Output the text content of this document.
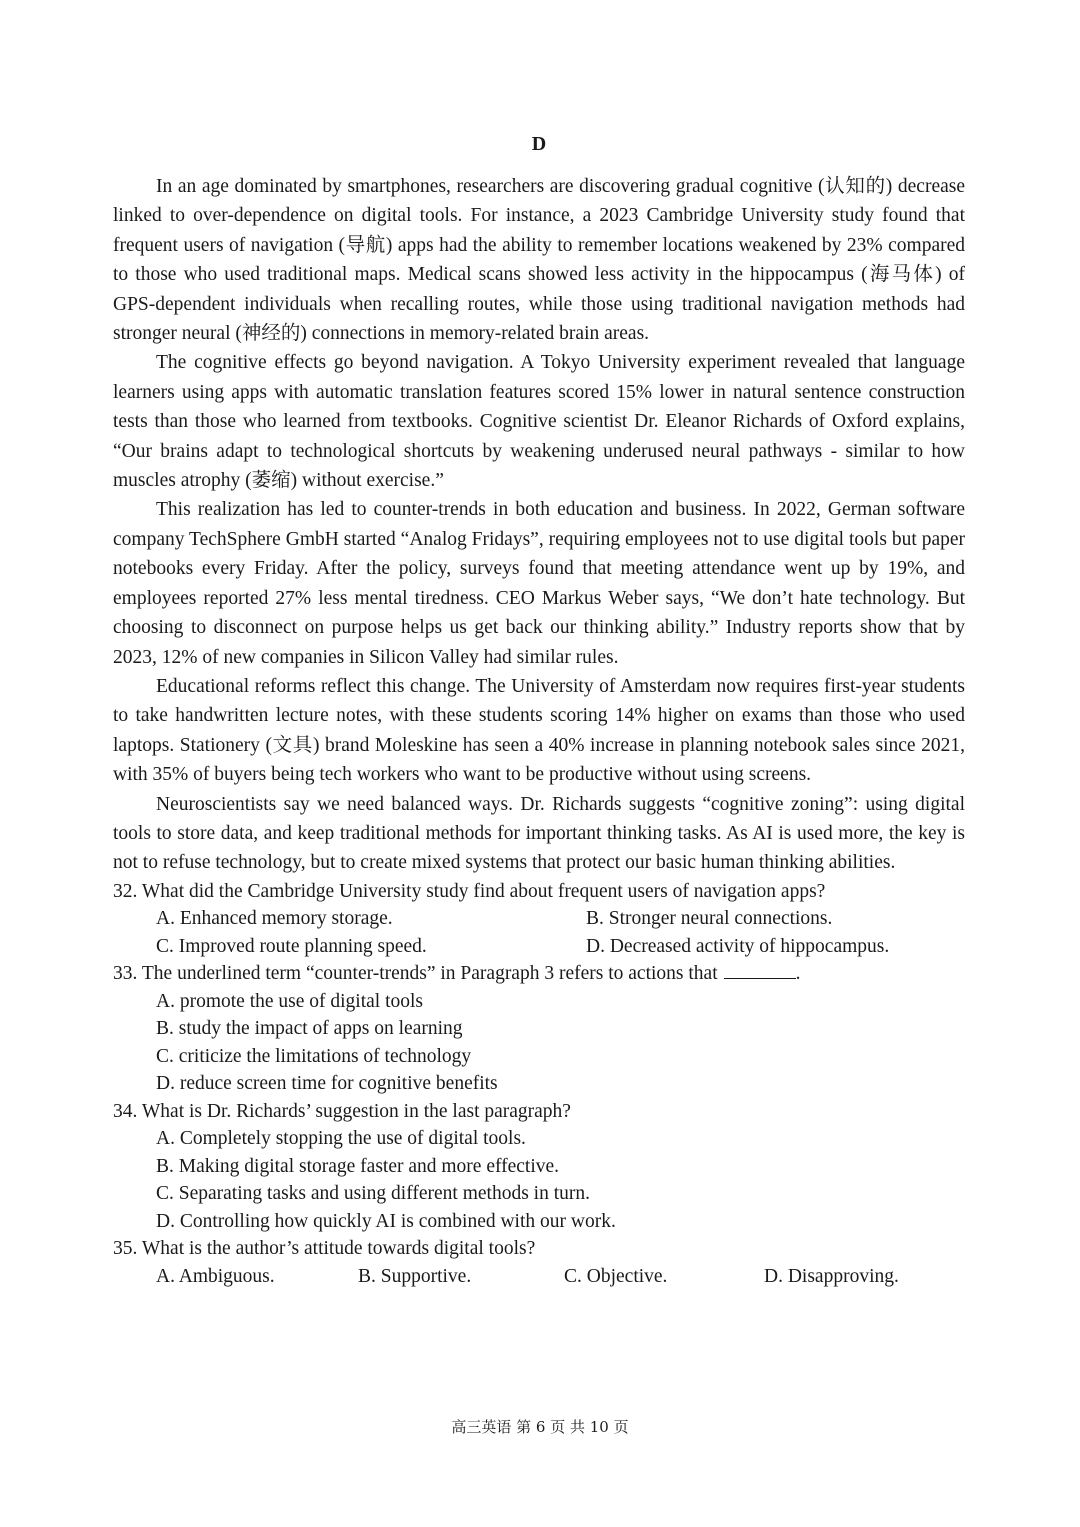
D

In an age dominated by smartphones, researchers are discovering gradual cognitive (认知的) decrease linked to over-dependence on digital tools. For instance, a 2023 Cambridge University study found that frequent users of navigation (导航) apps had the ability to remember locations weakened by 23% compared to those who used traditional maps. Medical scans showed less activity in the hippocampus (海马体) of GPS-dependent individuals when recalling routes, while those using traditional navigation methods had stronger neural (神经的) connections in memory-related brain areas.

The cognitive effects go beyond navigation. A Tokyo University experiment revealed that language learners using apps with automatic translation features scored 15% lower in natural sentence construction tests than those who learned from textbooks. Cognitive scientist Dr. Eleanor Richards of Oxford explains, “Our brains adapt to technological shortcuts by weakening underused neural pathways - similar to how muscles atrophy (萎缩) without exercise.”

This realization has led to counter-trends in both education and business. In 2022, German software company TechSphere GmbH started “Analog Fridays”, requiring employees not to use digital tools but paper notebooks every Friday. After the policy, surveys found that meeting attendance went up by 19%, and employees reported 27% less mental tiredness. CEO Markus Weber says, “We don’t hate technology. But choosing to disconnect on purpose helps us get back our thinking ability.” Industry reports show that by 2023, 12% of new companies in Silicon Valley had similar rules.

Educational reforms reflect this change. The University of Amsterdam now requires first-year students to take handwritten lecture notes, with these students scoring 14% higher on exams than those who used laptops. Stationery (文具) brand Moleskine has seen a 40% increase in planning notebook sales since 2021, with 35% of buyers being tech workers who want to be productive without using screens.

Neuroscientists say we need balanced ways. Dr. Richards suggests “cognitive zoning”: using digital tools to store data, and keep traditional methods for important thinking tasks. As AI is used more, the key is not to refuse technology, but to create mixed systems that protect our basic human thinking abilities.

32. What did the Cambridge University study find about frequent users of navigation apps?

A. Enhanced memory storage.	B. Stronger neural connections.
C. Improved route planning speed.	D. Decreased activity of hippocampus.

33. The underlined term “counter-trends” in Paragraph 3 refers to actions that	.

A. promote the use of digital tools
B. study the impact of apps on learning
C. criticize the limitations of technology
D. reduce screen time for cognitive benefits

34. What is Dr. Richards’ suggestion in the last paragraph?

A. Completely stopping the use of digital tools.
B. Making digital storage faster and more effective.
C. Separating tasks and using different methods in turn.
D. Controlling how quickly AI is combined with our work.

35. What is the author’s attitude towards digital tools?

A. Ambiguous.	B. Supportive.	C. Objective.	D. Disapproving.
高三英语 第 6 页 共 10 页
